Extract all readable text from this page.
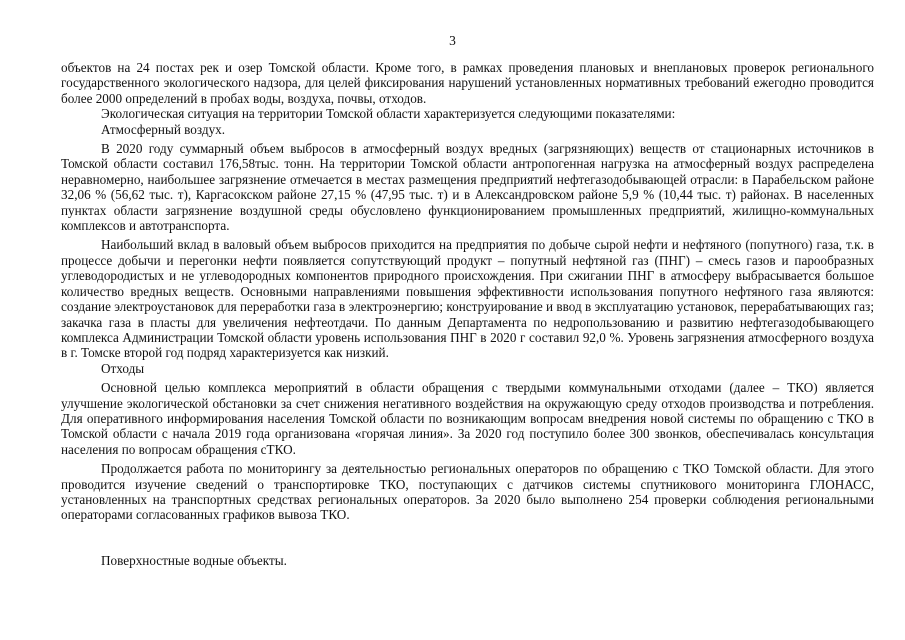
3

объектов на 24 постах рек и озер Томской области. Кроме того, в рамках проведения плановых и внеплановых проверок регионального государственного экологического надзора, для целей фиксирования нарушений установленных нормативных требований ежегодно проводится более 2000 определений в пробах воды, воздуха, почвы, отходов.

Экологическая ситуация на территории Томской области характеризуется следующими показателями:

Атмосферный воздух.

В 2020 году суммарный объем выбросов в атмосферный воздух вредных (загрязняющих) веществ от стационарных источников в Томской области составил 176,58тыс. тонн. На территории Томской области антропогенная нагрузка на атмосферный воздух распределена неравномерно, наибольшее загрязнение отмечается в местах размещения предприятий нефтегазодобывающей отрасли: в Парабельском районе 32,06 % (56,62 тыс. т), Каргасокском районе 27,15 % (47,95 тыс. т) и в Александровском районе 5,9 % (10,44 тыс. т) районах. В населенных пунктах области загрязнение воздушной среды обусловлено функционированием промышленных предприятий, жилищно-коммунальных комплексов и автотранспорта.

Наибольший вклад в валовый объем выбросов приходится на предприятия по добыче сырой нефти и нефтяного (попутного) газа, т.к. в процессе добычи и перегонки нефти появляется сопутствующий продукт – попутный нефтяной газ (ПНГ) – смесь газов и парообразных углеводородистых и не углеводородных компонентов природного происхождения. При сжигании ПНГ в атмосферу выбрасывается большое количество вредных веществ. Основными направлениями повышения эффективности использования попутного нефтяного газа являются: создание электроустановок для переработки газа в электроэнергию; конструирование и ввод в эксплуатацию установок, перерабатывающих газ; закачка газа в пласты для увеличения нефтеотдачи. По данным Департамента по недропользованию и развитию нефтегазодобывающего комплекса Администрации Томской области уровень использования ПНГ в 2020 г составил 92,0 %. Уровень загрязнения атмосферного воздуха в г. Томске второй год подряд характеризуется как низкий.

Отходы

Основной целью комплекса мероприятий в области обращения с твердыми коммунальными отходами (далее – ТКО) является улучшение экологической обстановки за счет снижения негативного воздействия на окружающую среду отходов производства и потребления. Для оперативного информирования населения Томской области по возникающим вопросам внедрения новой системы по обращению с ТКО в Томской области с начала 2019 года организована «горячая линия». За 2020 год поступило более 300 звонков, обеспечивалась консультация населения по вопросам обращения сТКО.

Продолжается работа по мониторингу за деятельностью региональных операторов по обращению с ТКО Томской области. Для этого проводится изучение сведений о транспортировке ТКО, поступающих с датчиков системы спутникового мониторинга ГЛОНАСС, установленных на транспортных средствах региональных операторов. За 2020 было выполнено 254 проверки соблюдения региональными операторами согласованных графиков вывоза ТКО.

Поверхностные водные объекты.
